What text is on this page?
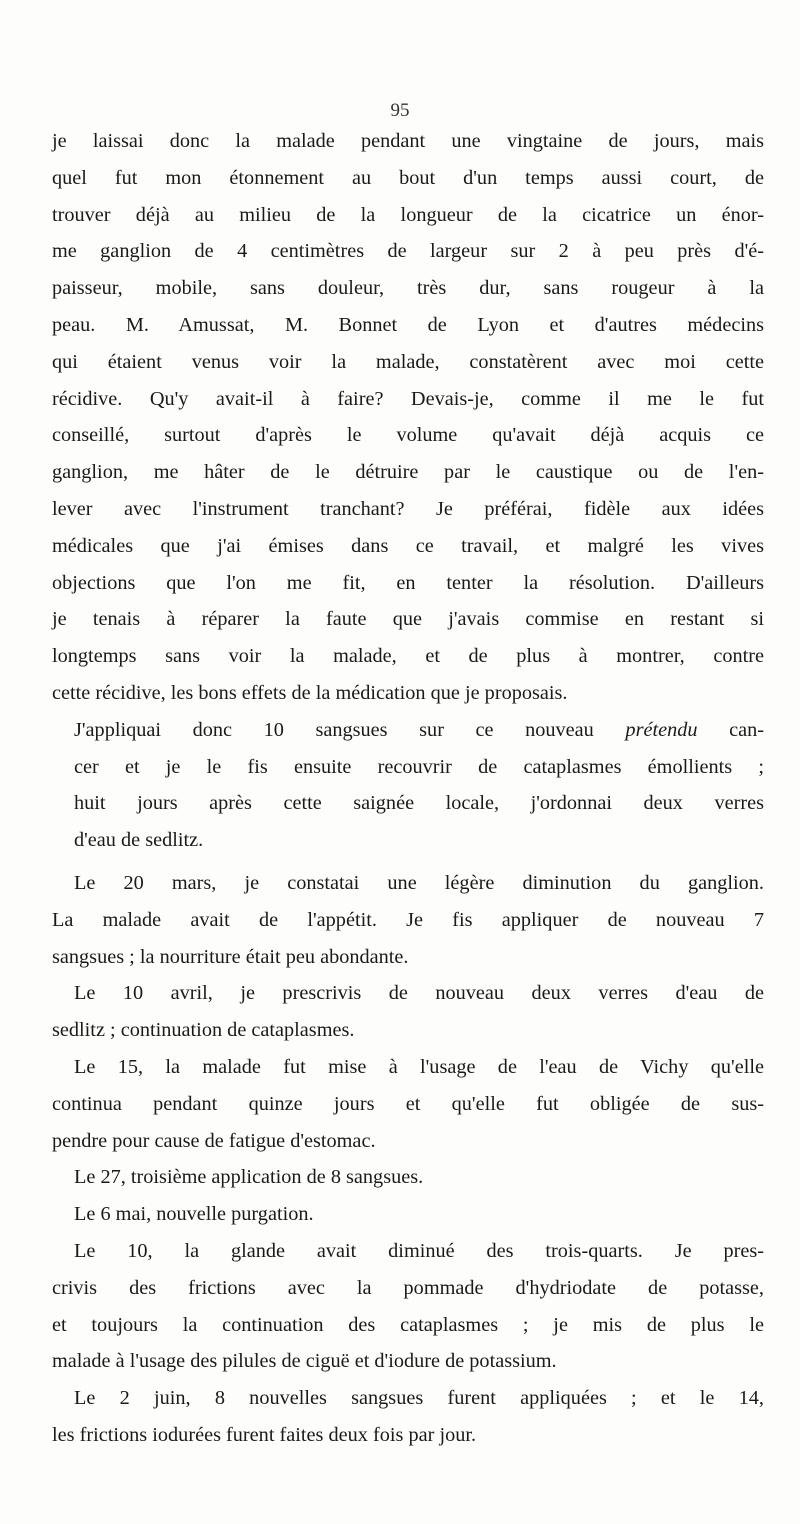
95

je laissai donc la malade pendant une vingtaine de jours, mais
quel fut mon étonnement au bout d'un temps aussi court, de
trouver déjà au milieu de la longueur de la cicatrice un énor-
me ganglion de 4 centimètres de largeur sur 2 à peu près d'é-
paisseur, mobile, sans douleur, très dur, sans rougeur à la
peau. M. Amussat, M. Bonnet de Lyon et d'autres médecins
qui étaient venus voir la malade, constatèrent avec moi cette
récidive. Qu'y avait-il à faire? Devais-je, comme il me le fut
conseillé, surtout d'après le volume qu'avait déjà acquis ce
ganglion, me hâter de le détruire par le caustique ou de l'en-
lever avec l'instrument tranchant? Je préférai, fidèle aux idées
médicales que j'ai émises dans ce travail, et malgré les vives
objections que l'on me fit, en tenter la résolution. D'ailleurs
je tenais à réparer la faute que j'avais commise en restant si
longtemps sans voir la malade, et de plus à montrer, contre
cette récidive, les bons effets de la médication que je proposais.

J'appliquai donc 10 sangsues sur ce nouveau prétendu can-
cer et je le fis ensuite recouvrir de cataplasmes émollients ;
huit jours après cette saignée locale, j'ordonnai deux verres
d'eau de sedlitz.

Le 20 mars, je constatai une légère diminution du ganglion.
La malade avait de l'appétit. Je fis appliquer de nouveau 7
sangsues ; la nourriture était peu abondante.

Le 10 avril, je prescrivis de nouveau deux verres d'eau de
sedlitz ; continuation de cataplasmes.

Le 15, la malade fut mise à l'usage de l'eau de Vichy qu'elle
continua pendant quinze jours et qu'elle fut obligée de sus-
pendre pour cause de fatigue d'estomac.

Le 27, troisième application de 8 sangsues.

Le 6 mai, nouvelle purgation.

Le 10, la glande avait diminué des trois-quarts. Je pres-
crivis des frictions avec la pommade d'hydriodate de potasse,
et toujours la continuation des cataplasmes ; je mis de plus le
malade à l'usage des pilules de ciguë et d'iodure de potassium.

Le 2 juin, 8 nouvelles sangsues furent appliquées ; et le 14,
les frictions iodurées furent faites deux fois par jour.
